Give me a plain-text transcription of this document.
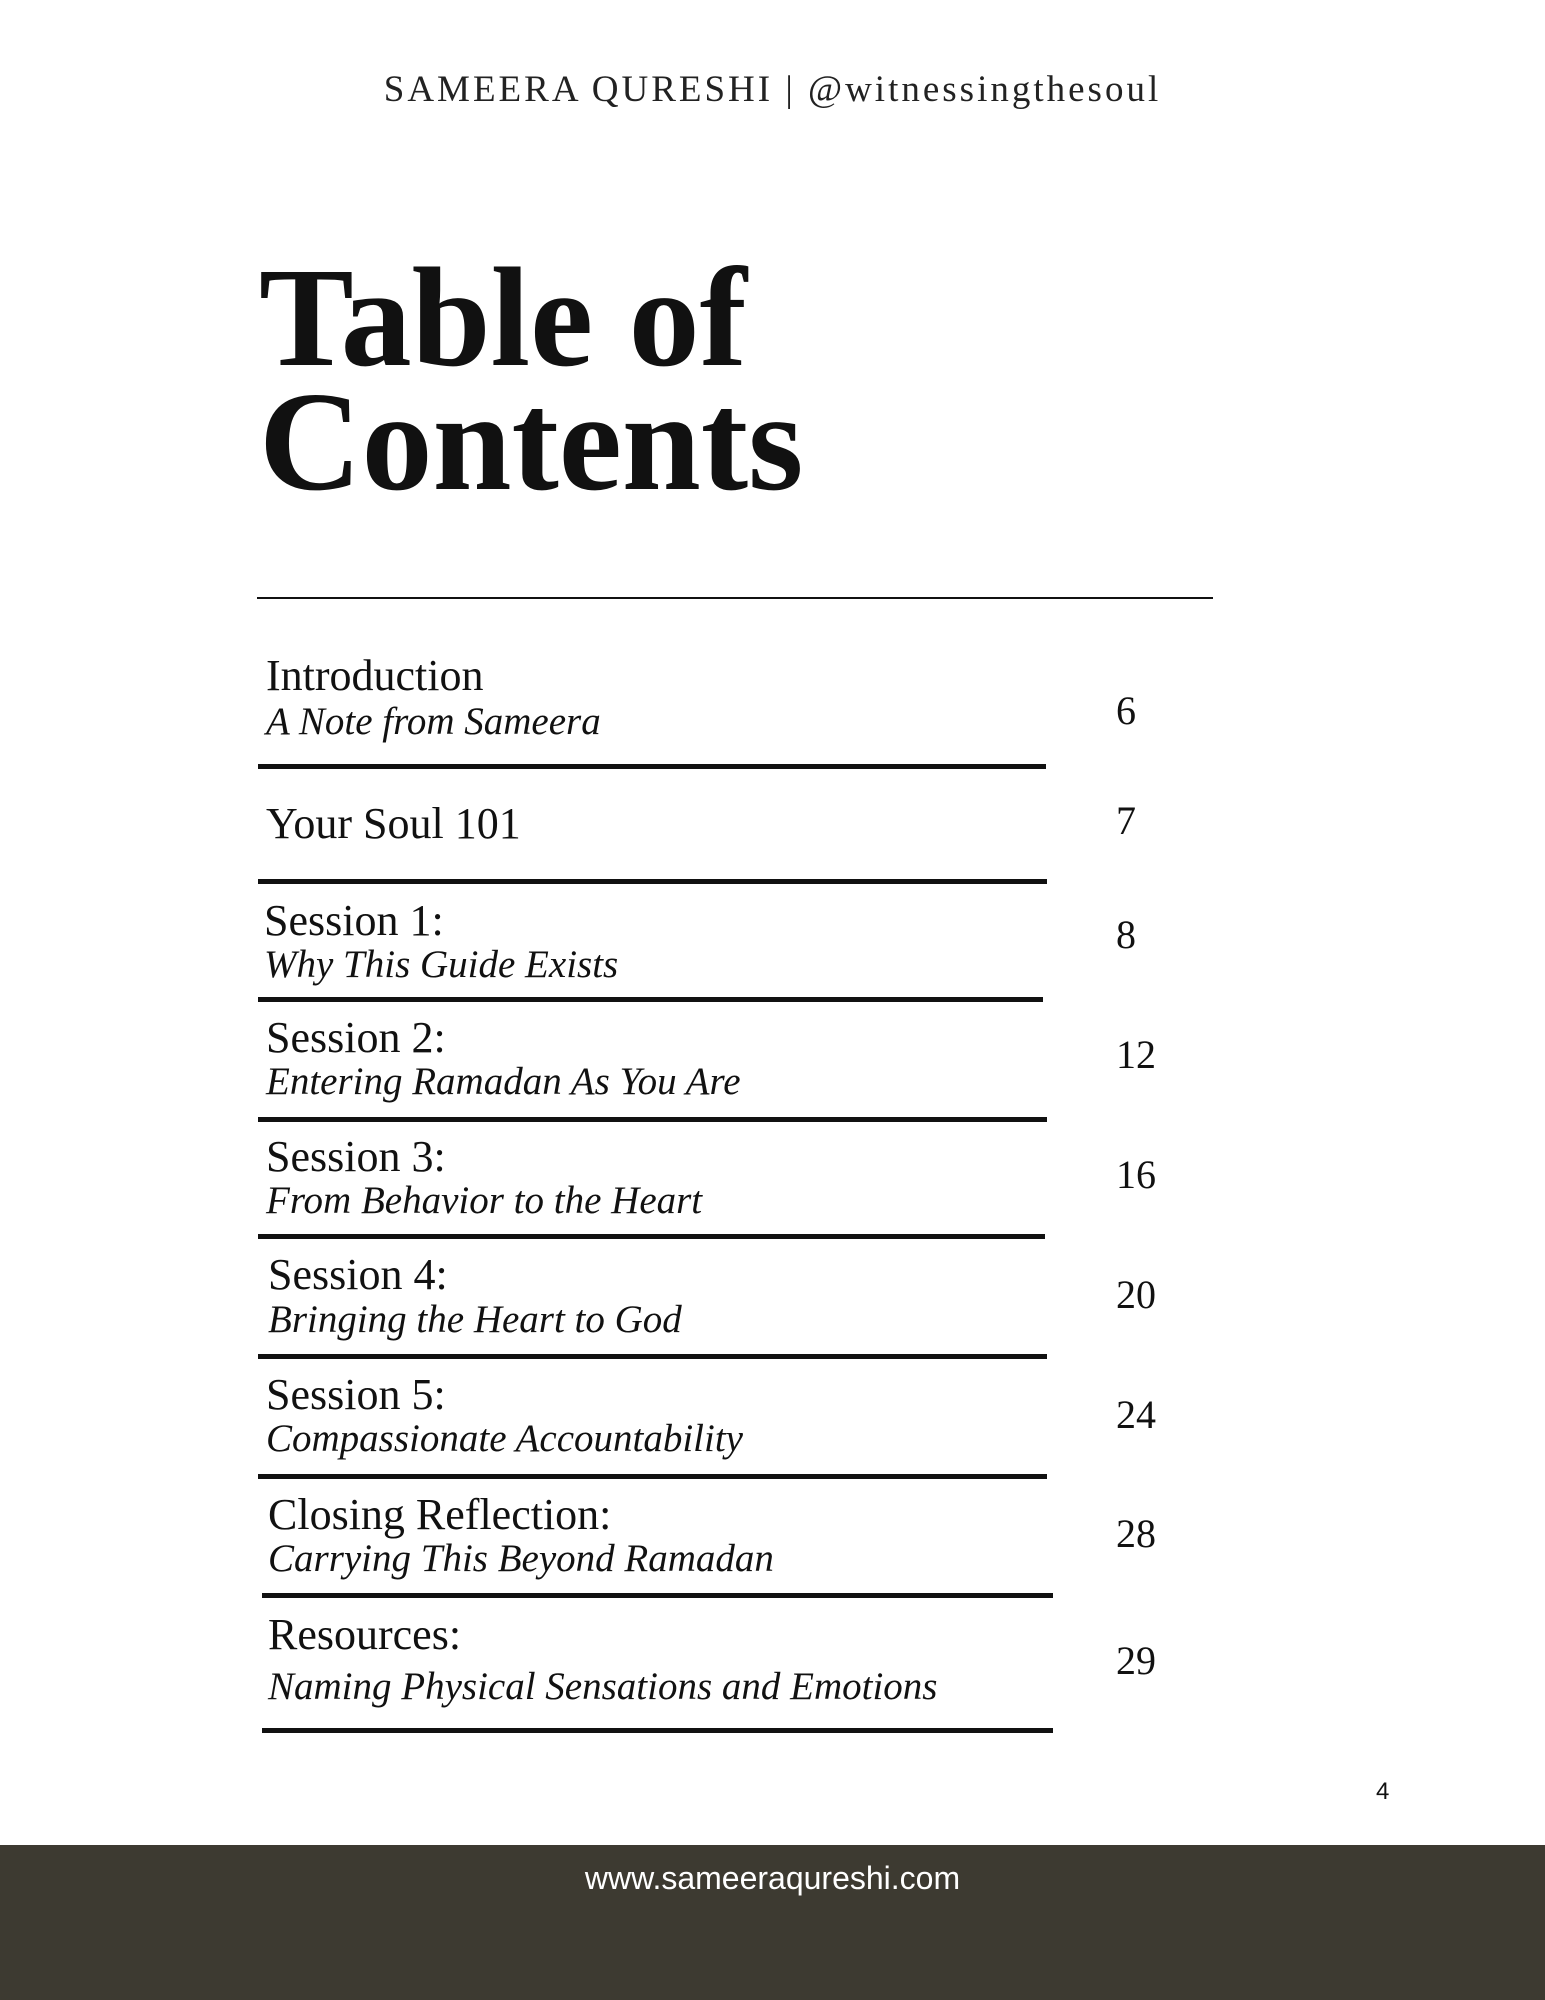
SAMEERA QURESHI | @witnessingthesoul
Table of
Contents
Introduction
A Note from Sameera	6
Your Soul 101	7
Session 1:
Why This Guide Exists
8
Session 2:
Entering Ramadan As You Are
12
Session 3:
From Behavior to the Heart
16
Session 4:
Bringing the Heart to God
20
Session 5:
Compassionate Accountability
24
Closing Reflection:
Carrying This Beyond Ramadan
28
Resources:
Naming Physical Sensations and Emotions
29
4
www.sameeraqureshi.com
